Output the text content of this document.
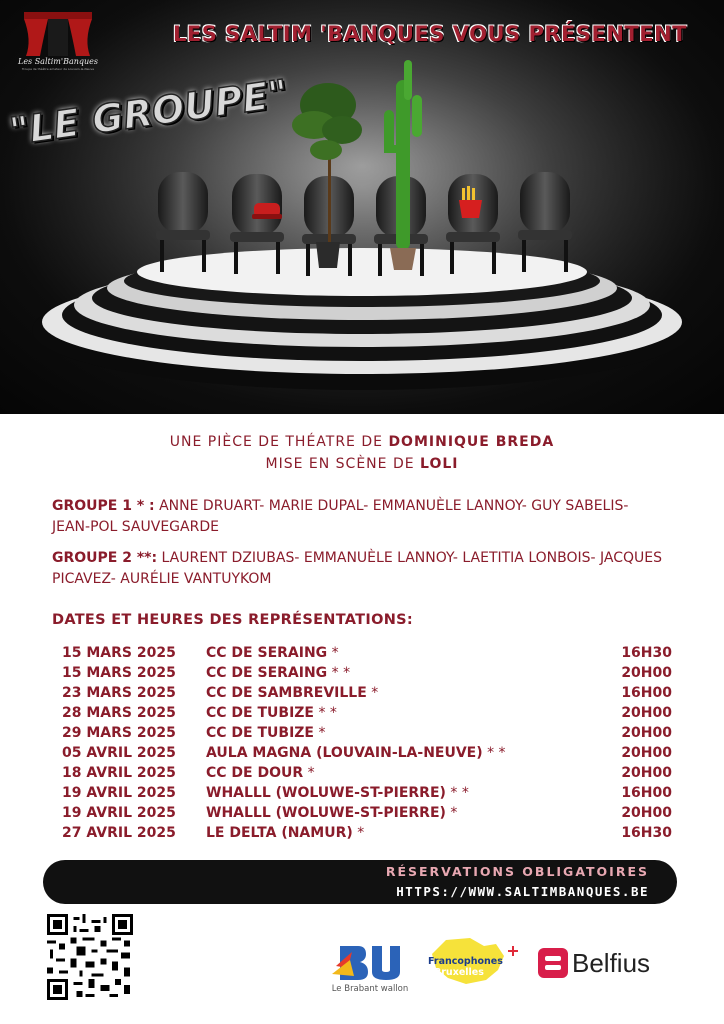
Les Saltim'Banques
Troupe de théâtre amateur de Louvain-la-Neuve
LES SALTIM 'BANQUES VOUS PRÉSENTENT
"LE GROUPE"
UNE PIÈCE DE THÉATRE DE DOMINIQUE BREDA
MISE EN SCÈNE DE LOLI
GROUPE 1 * : ANNE DRUART- MARIE DUPAL- EMMANUÈLE LANNOY- GUY SABELIS- JEAN-POL SAUVEGARDE
GROUPE 2 **: LAURENT DZIUBAS- EMMANUÈLE LANNOY- LAETITIA LONBOIS- JACQUES PICAVEZ- AURÉLIE VANTUYKOM
DATES ET HEURES DES REPRÉSENTATIONS:
15 MARS 2025 CC DE SERAING *	16H30
15 MARS 2025 CC DE SERAING * *	20H00
23 MARS 2025 CC DE SAMBREVILLE *	16H00
28 MARS 2025 CC DE TUBIZE * *	20H00
29 MARS 2025 CC DE TUBIZE *	20H00
05 AVRIL 2025 AULA MAGNA (LOUVAIN-LA-NEUVE) * *	20H00
18 AVRIL 2025 CC DE DOUR *	20H00
19 AVRIL 2025 WHALLL (WOLUWE-ST-PIERRE) * *	16H00
19 AVRIL 2025 WHALLL (WOLUWE-ST-PIERRE) *	20H00
27 AVRIL 2025 LE DELTA (NAMUR) *	16H30
RÉSERVATIONS OBLIGATOIRES
HTTPS://WWW.SALTIMBANQUES.BE
Le Brabant wallon
Francophones
Bruxelles	Belfius
